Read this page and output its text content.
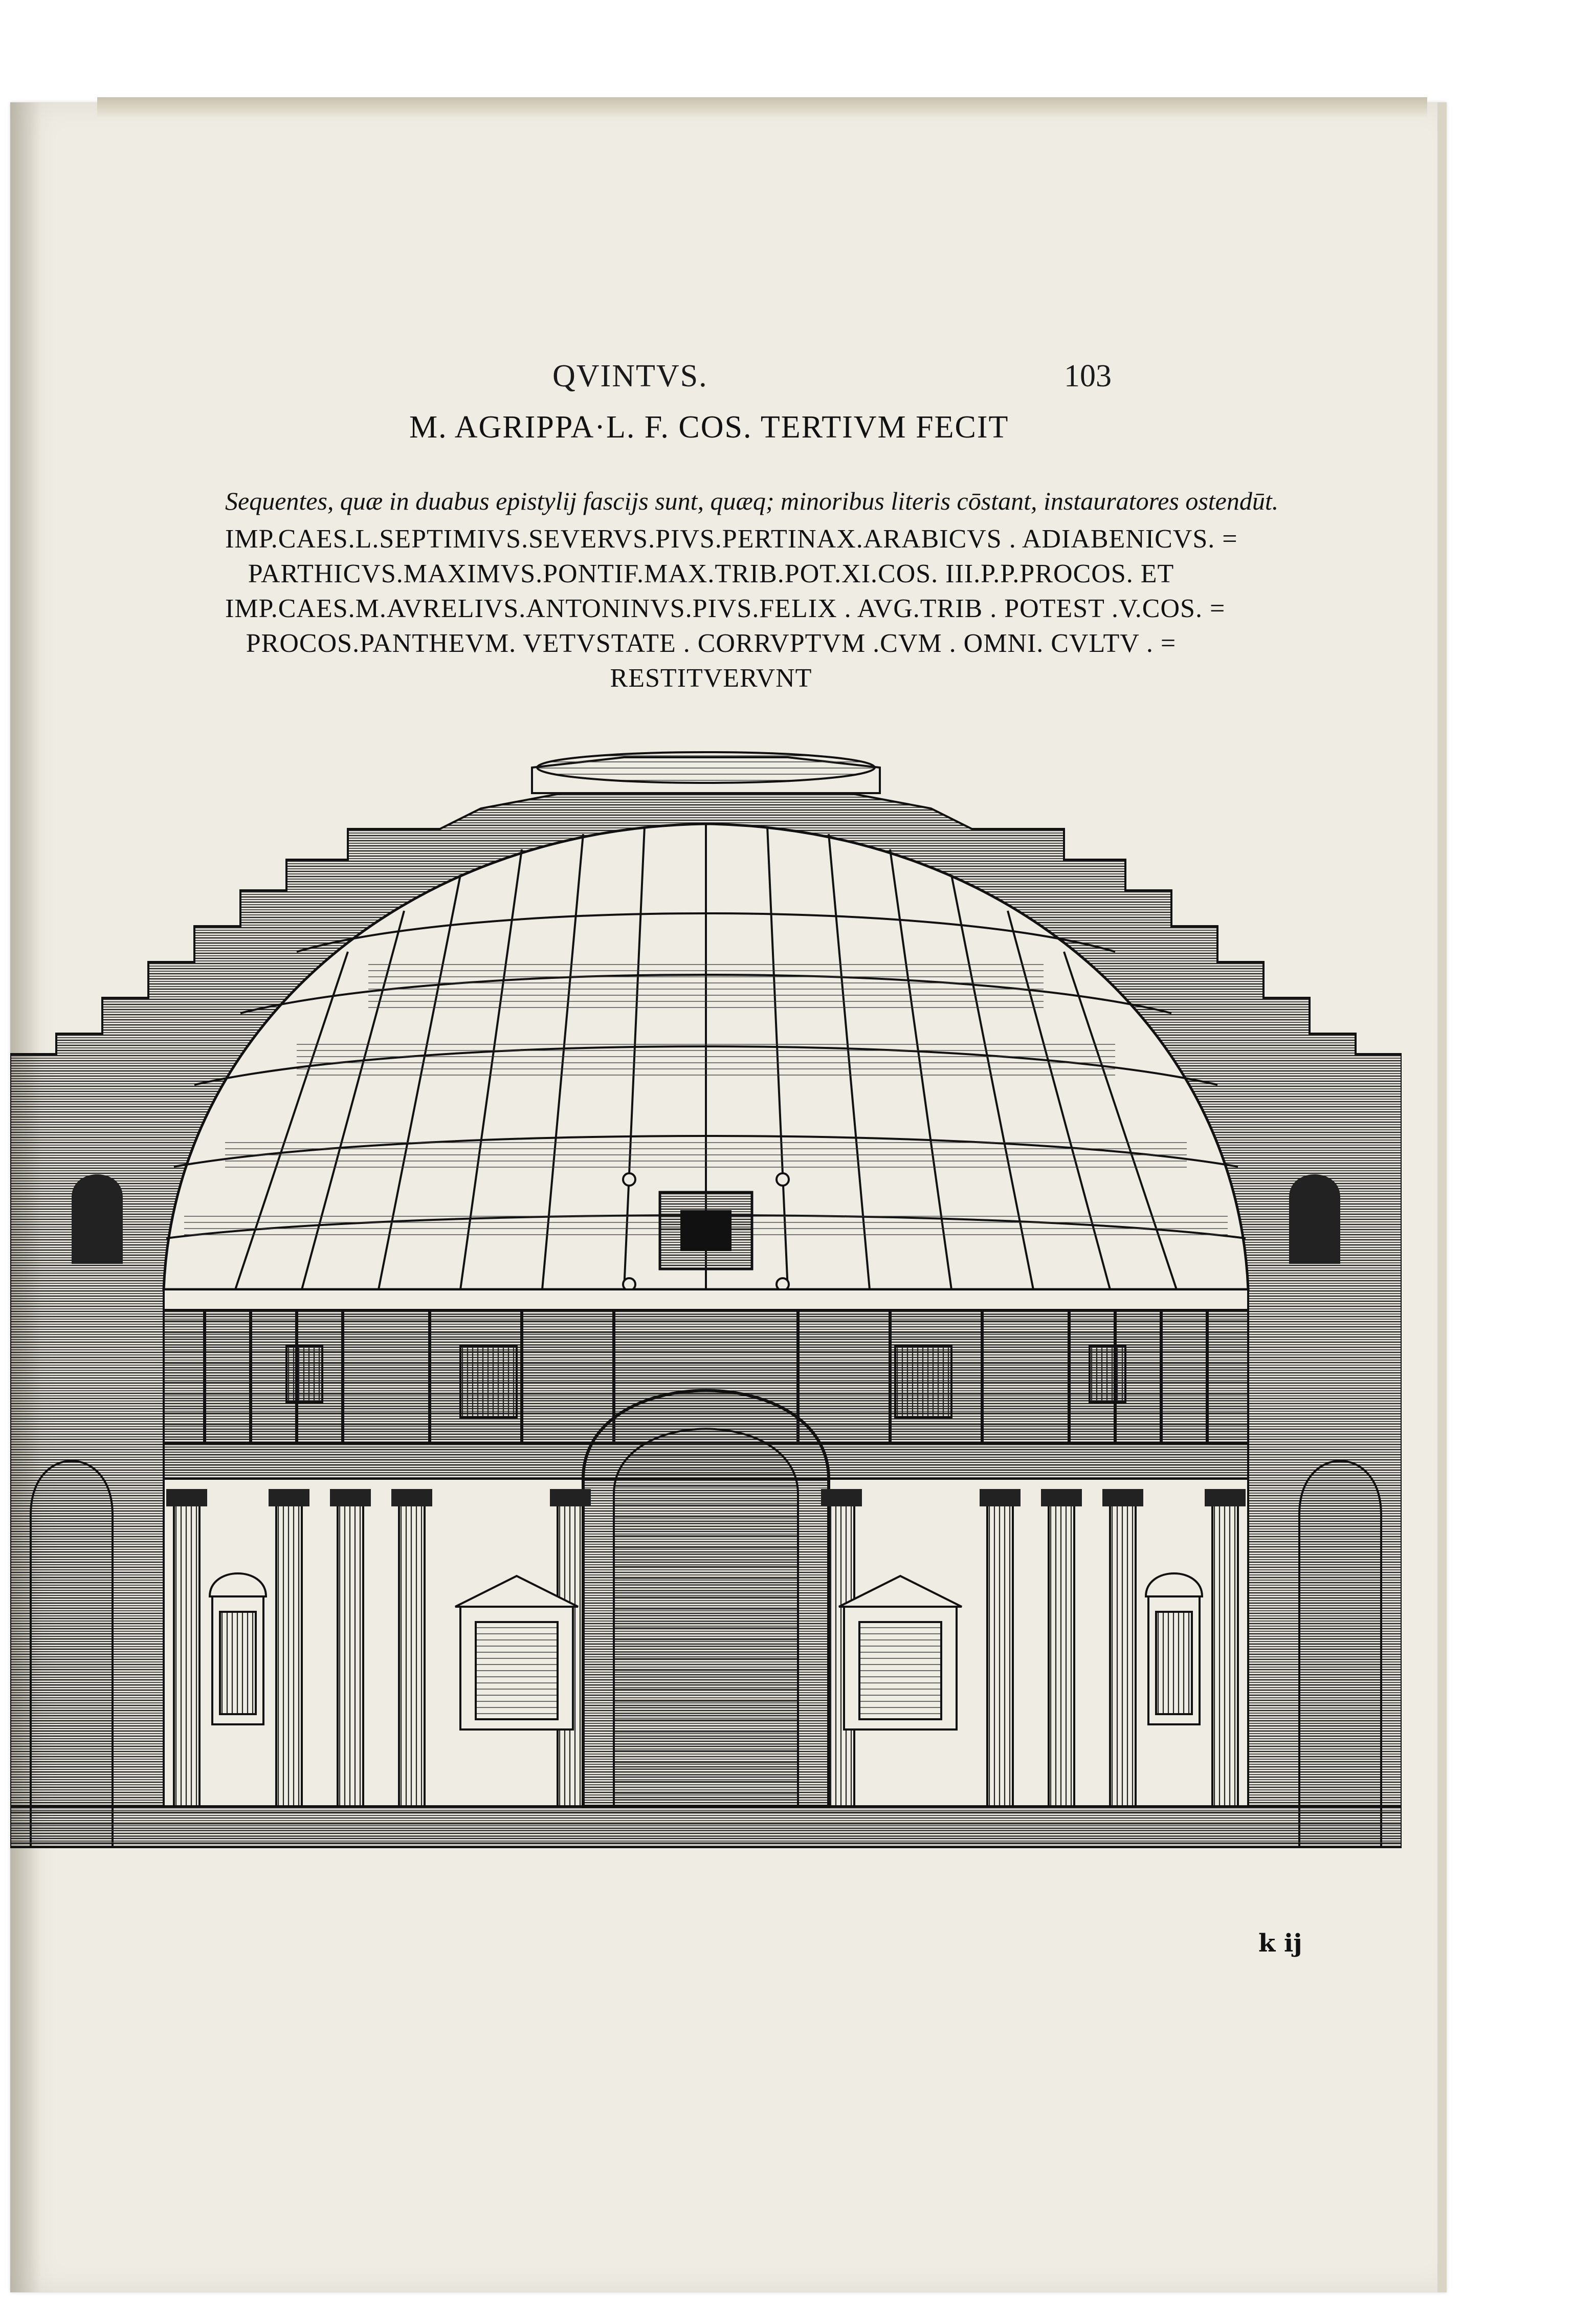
QVINTVS.	103
M. AGRIPPA·L. F. COS. TERTIVM FECIT
Sequentes, quæ in duabus epistylij fascijs sunt, quæq; minoribus literis cōstant, instauratores ostendūt.
IMP.CAES.L.SEPTIMIVS.SEVERVS.PIVS.PERTINAX.ARABICVS . ADIABENICVS. =
PARTHICVS.MAXIMVS.PONTIF.MAX.TRIB.POT.XI.COS. III.P.P.PROCOS. ET
IMP.CAES.M.AVRELIVS.ANTONINVS.PIVS.FELIX . AVG.TRIB . POTEST .V.COS. =
PROCOS.PANTHEVM. VETVSTATE . CORRVPTVM .CVM . OMNI. CVLTV . =
RESTITVERVNT
k ij
